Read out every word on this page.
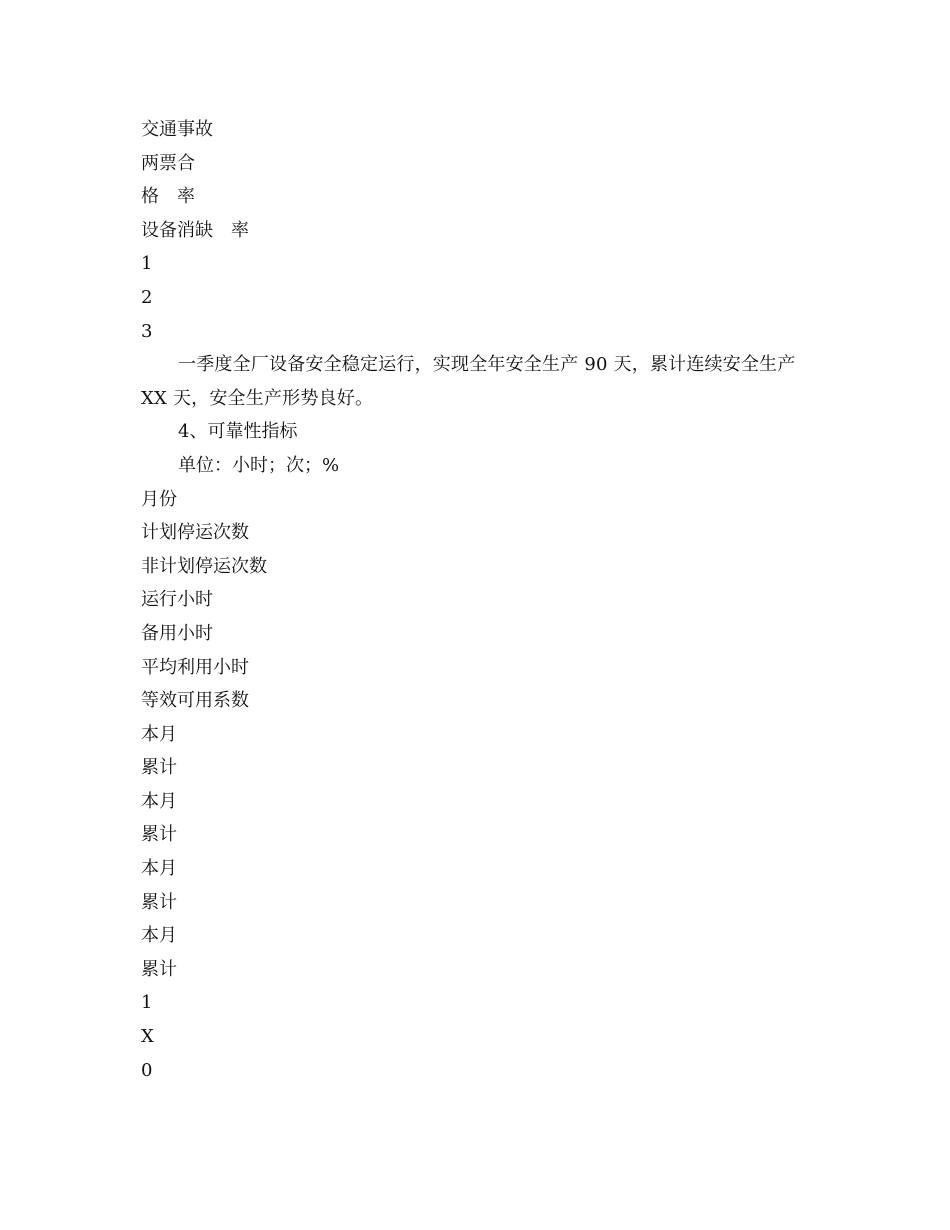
交通事故
两票合
格　率
设备消缺　率
1
2
3
一季度全厂设备安全稳定运行，实现全年安全生产 90 天，累计连续安全生产 XX 天，安全生产形势良好。
4、可靠性指标
单位：小时；次；%
月份
计划停运次数
非计划停运次数
运行小时
备用小时
平均利用小时
等效可用系数
本月
累计
本月
累计
本月
累计
本月
累计
1
X
0
